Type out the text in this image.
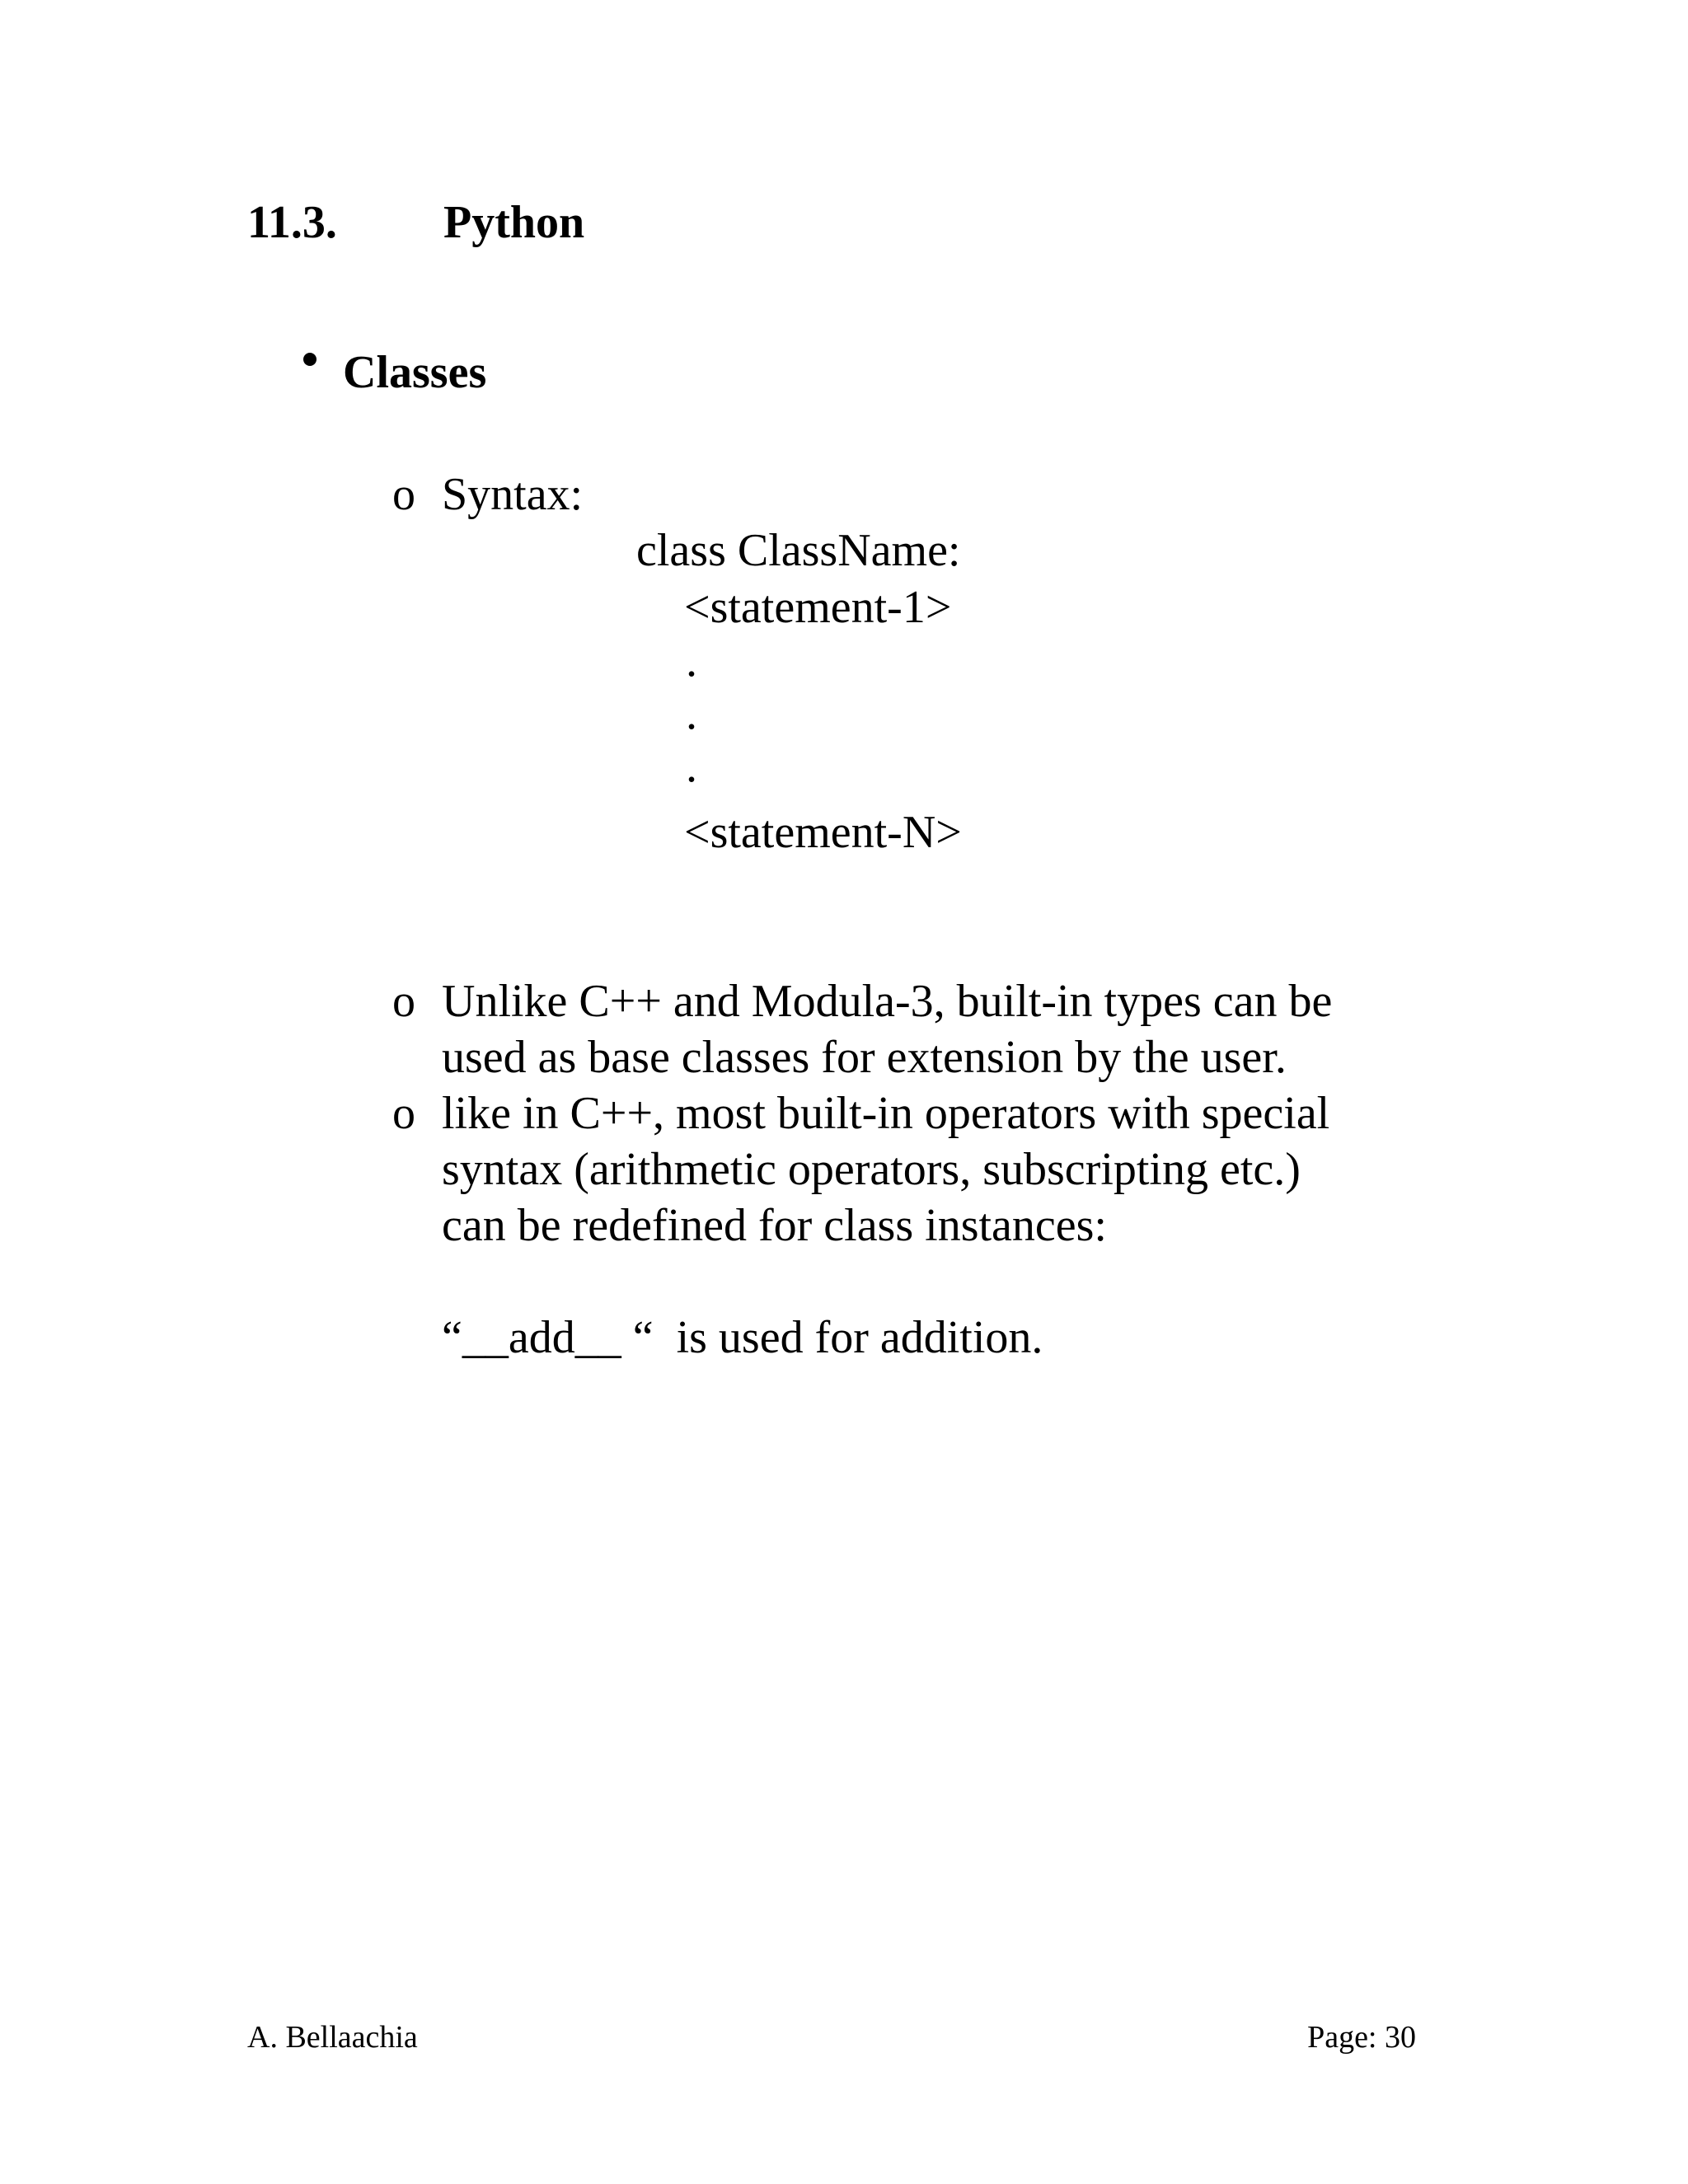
11.3. Python
Classes
o Syntax:
class ClassName:
<statement-1>
.
.
.
<statement-N>
o Unlike C++ and Modula-3, built-in types can be
used as base classes for extension by the user.
o like in C++, most built-in operators with special
syntax (arithmetic operators, subscripting etc.)
can be redefined for class instances:
“__add__ “  is used for addition.
A. Bellaachia	Page: 30
